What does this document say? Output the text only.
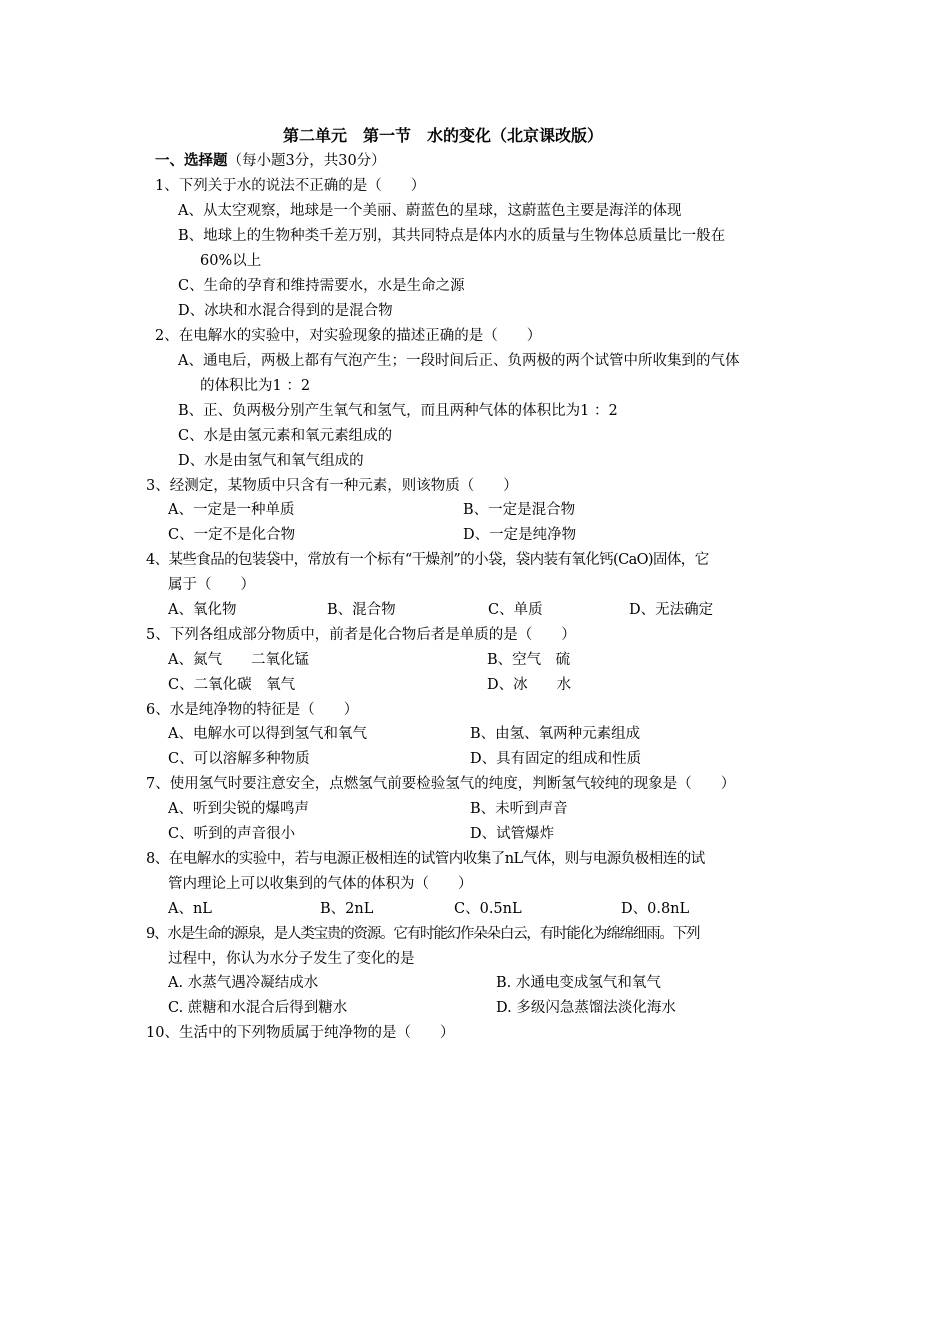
第二单元　第一节　水的变化（北京课改版）
一、选择题（每小题3分，共30分）
1、下列关于水的说法不正确的是（　　）
A、从太空观察，地球是一个美丽、蔚蓝色的星球，这蔚蓝色主要是海洋的体现
B、地球上的生物种类千差万别，其共同特点是体内水的质量与生物体总质量比一般在
60%以上
C、生命的孕育和维持需要水，水是生命之源
D、冰块和水混合得到的是混合物
2、在电解水的实验中，对实验现象的描述正确的是（　　）
A、通电后，两极上都有气泡产生；一段时间后正、负两极的两个试管中所收集到的气体
的体积比为1 ：2
B、正、负两极分别产生氧气和氢气，而且两种气体的体积比为1 ：2
C、水是由氢元素和氧元素组成的
D、水是由氢气和氧气组成的
3、经测定，某物质中只含有一种元素，则该物质（　　）
A、一定是一种单质	B、一定是混合物
C、一定不是化合物	D、一定是纯净物
4、某些食品的包装袋中，常放有一个标有“干燥剂”的小袋，袋内装有氧化钙(CaO)固体，它
属于（　　）
A、氧化物	B、混合物	C、单质	D、无法确定
5、下列各组成部分物质中，前者是化合物后者是单质的是（　　）
A、氮气　　二氧化锰	B、空气　硫
C、二氧化碳　氧气	D、冰　　水
6、水是纯净物的特征是（　　）
A、电解水可以得到氢气和氧气	B、由氢、氧两种元素组成
C、可以溶解多种物质	D、具有固定的组成和性质
7、使用氢气时要注意安全，点燃氢气前要检验氢气的纯度，判断氢气较纯的现象是（　　）
A、听到尖锐的爆鸣声	B、未听到声音
C、听到的声音很小	D、试管爆炸
8、在电解水的实验中，若与电源正极相连的试管内收集了nL气体，则与电源负极相连的试
管内理论上可以收集到的气体的体积为（　　）
A、nL	B、2nL	C、0.5nL	D、0.8nL
9、水是生命的源泉，是人类宝贵的资源。它有时能幻作朵朵白云，有时能化为绵绵细雨。下列
过程中，你认为水分子发生了变化的是
A. 水蒸气遇冷凝结成水	B. 水通电变成氢气和氧气
C. 蔗糖和水混合后得到糖水	D. 多级闪急蒸馏法淡化海水
10、生活中的下列物质属于纯净物的是（　　）
